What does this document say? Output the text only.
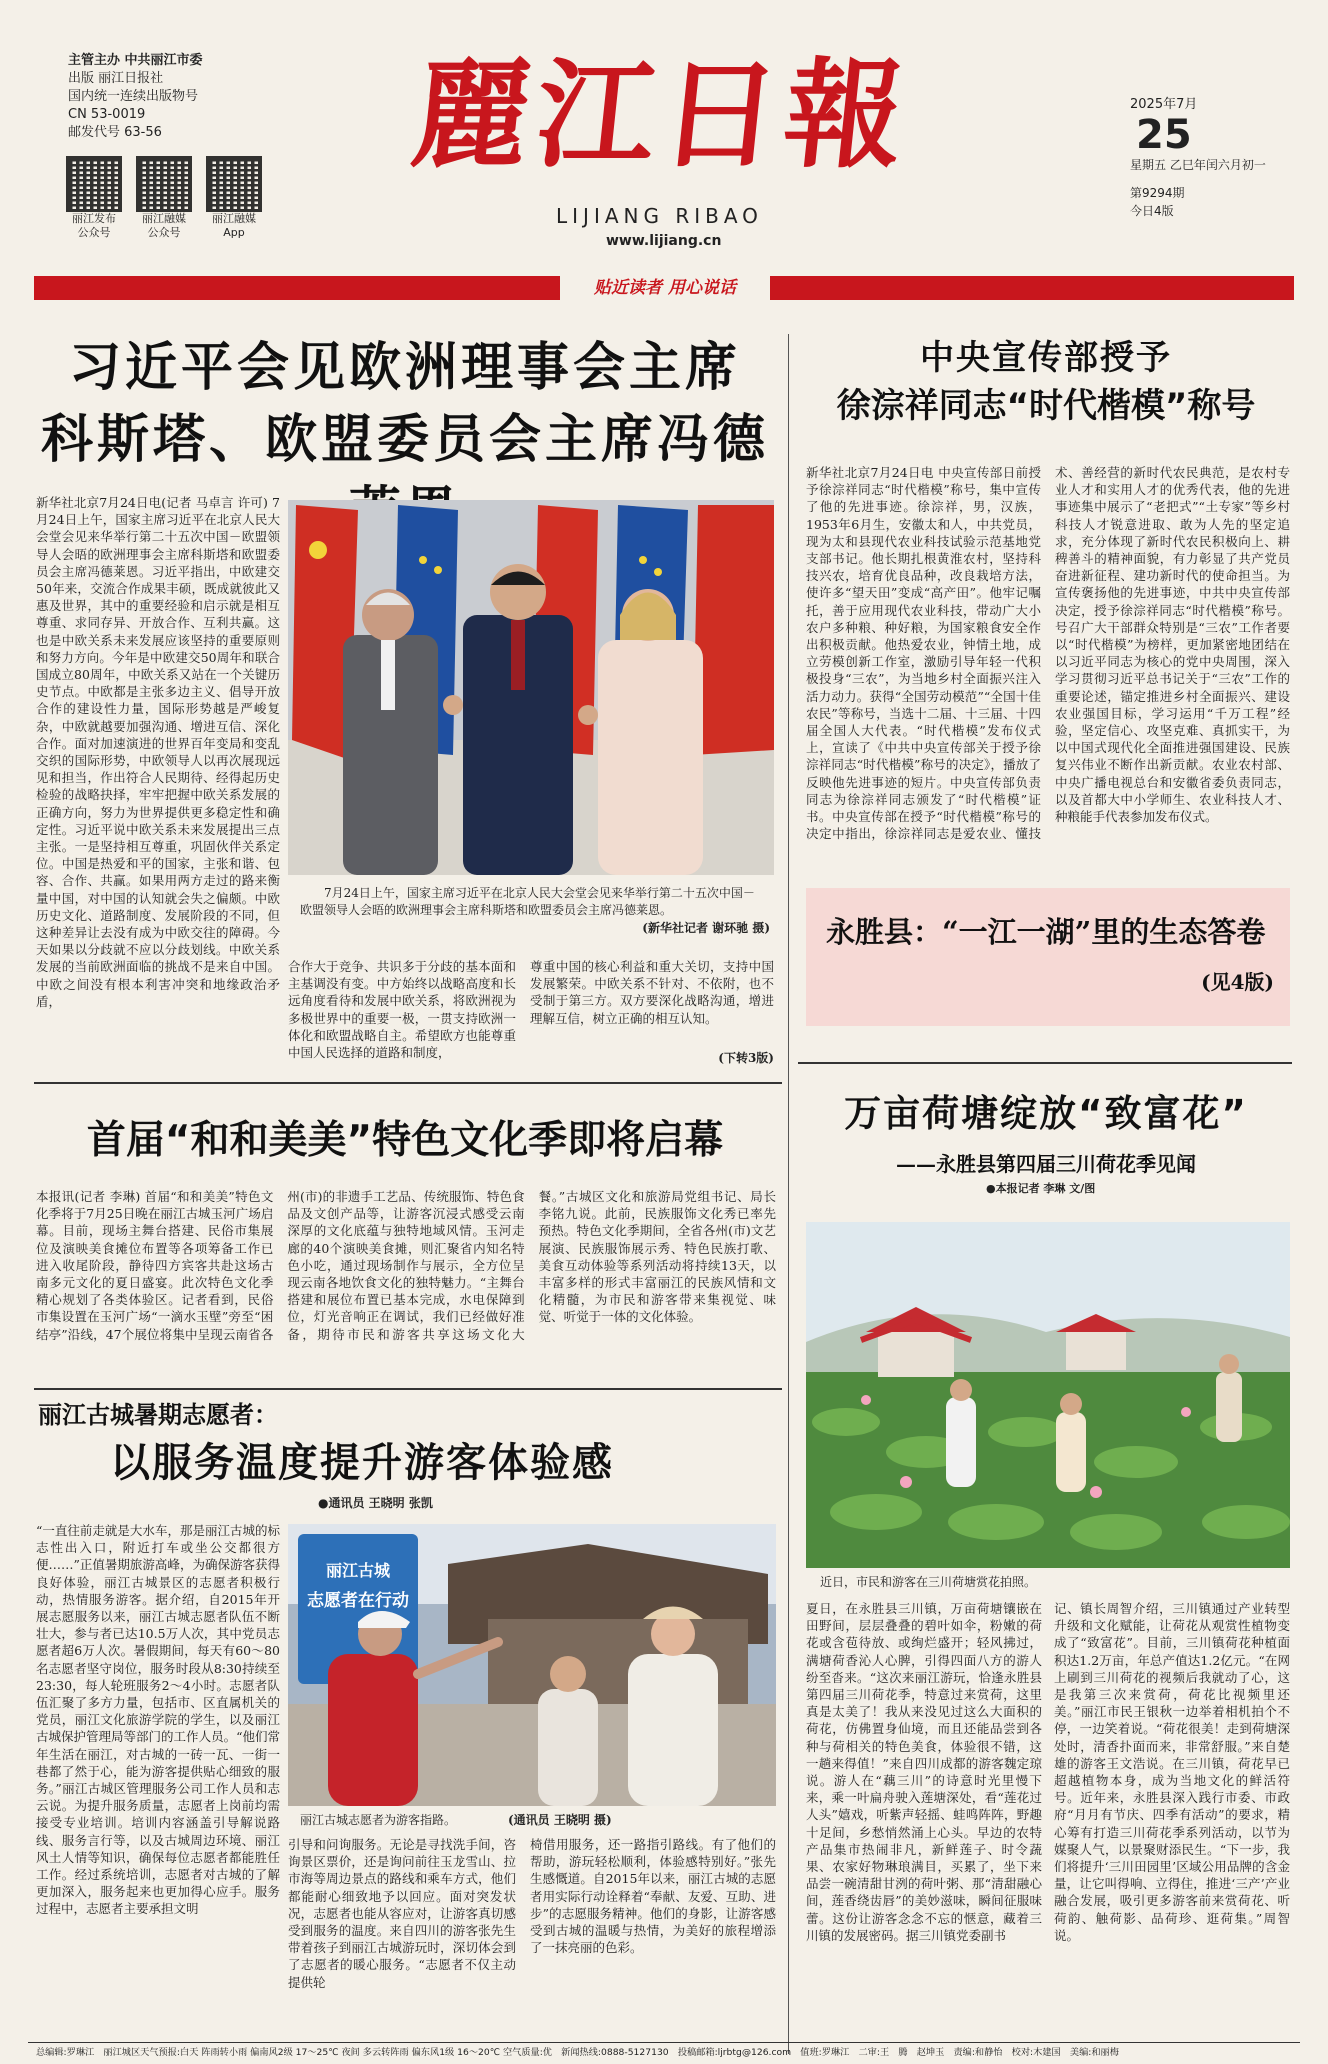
主管主办 中共丽江市委
出版 丽江日报社
国内统一连续出版物号
CN 53-0019
邮发代号 63-56
丽江发布
公众号
丽江融媒
公众号
丽江融媒
App
麗江日報
LIJIANG RIBAO
www.lijiang.cn
2025年7月
25
星期五 乙巳年闰六月初一
第9294期
今日4版
贴近读者 用心说话
习近平会见欧洲理事会主席
科斯塔、欧盟委员会主席冯德
新华社北京7月24日电(记者 马卓言 许可) 7月24日上午，国家主席习近平在北京人民大会堂会见来华举行第二十五次中国－欧盟领导人会晤的欧洲理事会主席科斯塔和欧盟委员会主席冯德莱恩。习近平指出，中欧建交50年来，交流合作成果丰硕，既成就彼此又惠及世界，其中的重要经验和启示就是相互尊重、求同存异、开放合作、互利共赢。这也是中欧关系未来发展应该坚持的重要原则和努力方向。今年是中欧建交50周年和联合国成立80周年，中欧关系又站在一个关键历史节点。中欧都是主张多边主义、倡导开放合作的建设性力量，国际形势越是严峻复杂，中欧就越要加强沟通、增进互信、深化合作。面对加速演进的世界百年变局和变乱交织的国际形势，中欧领导人以再次展现远见和担当，作出符合人民期待、经得起历史检验的战略抉择，牢牢把握中欧关系发展的正确方向，努力为世界提供更多稳定性和确定性。习近平说中欧关系未来发展提出三点主张。一是坚持相互尊重，巩固伙伴关系定位。中国是热爱和平的国家，主张和谐、包容、合作、共赢。如果用两方走过的路来衡量中国，对中国的认知就会失之偏颇。中欧历史文化、道路制度、发展阶段的不同，但这种差异让去没有成为中欧交往的障碍。今天如果以分歧就不应以分歧划线。中欧关系发展的当前欧洲面临的挑战不是来自中国。中欧之间没有根本利害冲突和地缘政治矛盾，
7月24日上午，国家主席习近平在北京人民大会堂会见来华举行第二十五次中国－欧盟领导人会晤的欧洲理事会主席科斯塔和欧盟委员会主席冯德莱恩。
(新华社记者 谢环驰 摄)
合作大于竞争、共识多于分歧的基本面和主基调没有变。中方始终以战略高度和长远角度看待和发展中欧关系，将欧洲视为多极世界中的重要一极，一贯支持欧洲一体化和欧盟战略自主。希望欧方也能尊重中国人民选择的道路和制度，
尊重中国的核心利益和重大关切，支持中国发展繁荣。中欧关系不针对、不依附，也不受制于第三方。双方要深化战略沟通，增进理解互信，树立正确的相互认知。
(下转3版)
中央宣传部授予
徐淙祥同志“时代楷模”称号
新华社北京7月24日电 中央宣传部日前授予徐淙祥同志“时代楷模”称号，集中宣传了他的先进事迹。徐淙祥，男，汉族，1953年6月生，安徽太和人，中共党员，现为太和县现代农业科技试验示范基地党支部书记。他长期扎根黄淮农村，坚持科技兴农，培育优良品种，改良栽培方法，使许多“望天田”变成“高产田”。他牢记嘱托，善于应用现代农业科技，带动广大小农户多种粮、种好粮，为国家粮食安全作出积极贡献。他热爱农业，钟情土地，成立劳模创新工作室，激励引导年轻一代积极投身“三农”，为当地乡村全面振兴注入活力动力。获得“全国劳动模范”“全国十佳农民”等称号，当选十二届、十三届、十四届全国人大代表。“时代楷模”发布仪式上，宣读了《中共中央宣传部关于授予徐淙祥同志“时代楷模”称号的决定》，播放了反映他先进事迹的短片。中央宣传部负责同志为徐淙祥同志颁发了“时代楷模”证书。中央宣传部在授予“时代楷模”称号的决定中指出，徐淙祥同志是爱农业、懂技术、善经营的新时代农民典范，是农村专业人才和实用人才的优秀代表，他的先进事迹集中展示了“老把式”“土专家”等乡村科技人才锐意进取、敢为人先的坚定追求，充分体现了新时代农民积极向上、耕稗善斗的精神面貌，有力彰显了共产党员奋进新征程、建功新时代的使命担当。为宣传褒扬他的先进事迹，中共中央宣传部决定，授予徐淙祥同志“时代楷模”称号。号召广大干部群众特别是“三农”工作者要以“时代楷模”为榜样，更加紧密地团结在以习近平同志为核心的党中央周围，深入学习贯彻习近平总书记关于“三农”工作的重要论述，锚定推进乡村全面振兴、建设农业强国目标，学习运用“千万工程”经验，坚定信心、攻坚克难、真抓实干，为以中国式现代化全面推进强国建设、民族复兴伟业不断作出新贡献。农业农村部、中央广播电视总台和安徽省委负责同志，以及首都大中小学师生、农业科技人才、种粮能手代表参加发布仪式。
永胜县：“一江一湖”里的生态答卷
(见4版)
首届“和和美美”特色文化季即将启幕
本报讯(记者 李琳) 首届“和和美美”特色文化季将于7月25日晚在丽江古城玉河广场启幕。目前，现场主舞台搭建、民俗市集展位及演映美食摊位布置等各项筹备工作已进入收尾阶段，静待四方宾客共赴这场古南多元文化的夏日盛宴。此次特色文化季精心规划了各类体验区。记者看到，民俗市集设置在玉河广场“一滴水玉壁”旁至“困结亭”沿线，47个展位将集中呈现云南省各州(市)的非遗手工艺品、传统服饰、特色食品及文创产品等，让游客沉浸式感受云南深厚的文化底蕴与独特地域风情。玉河走廊的40个演映美食摊，则汇聚省内知名特色小吃，通过现场制作与展示，全方位呈现云南各地饮食文化的独特魅力。“主舞台搭建和展位布置已基本完成，水电保障到位，灯光音响正在调试，我们已经做好准备，期待市民和游客共享这场文化大餐。”古城区文化和旅游局党组书记、局长李铭九说。此前，民族服饰文化秀已率先预热。特色文化季期间，全省各州(市)文艺展演、民族服饰展示秀、特色民族打歌、美食互动体验等系列活动将持续13天，以丰富多样的形式丰富丽江的民族风情和文化精髓，为市民和游客带来集视觉、味觉、听觉于一体的文化体验。
丽江古城暑期志愿者：
以服务温度提升游客体验感
●通讯员 王晓明 张凯
“一直往前走就是大水车，那是丽江古城的标志性出入口，附近打车或坐公交都很方便……”正值暑期旅游高峰，为确保游客获得良好体验，丽江古城景区的志愿者积极行动，热情服务游客。据介绍，自2015年开展志愿服务以来，丽江古城志愿者队伍不断壮大，参与者已达10.5万人次，其中党员志愿者超6万人次。暑假期间，每天有60～80名志愿者坚守岗位，服务时段从8:30持续至23:30，每人轮班服务2～4小时。志愿者队伍汇聚了多方力量，包括市、区直属机关的党员，丽江文化旅游学院的学生，以及丽江古城保护管理局等部门的工作人员。“他们常年生活在丽江，对古城的一砖一瓦、一街一巷都了然于心，能为游客提供贴心细致的服务。”丽江古城区管理服务公司工作人员和志云说。为提升服务质量，志愿者上岗前均需接受专业培训。培训内容涵盖引导解说路线、服务言行等，以及古城周边环境、丽江风土人情等知识，确保每位志愿者都能胜任工作。经过系统培训，志愿者对古城的了解更加深入，服务起来也更加得心应手。服务过程中，志愿者主要承担文明
丽江古城
志愿者在行动
丽江古城志愿者为游客指路。	(通讯员 王晓明 摄)
引导和问询服务。无论是寻找洗手间，咨询景区票价，还是询问前往玉龙雪山、拉市海等周边景点的路线和乘车方式，他们都能耐心细致地予以回应。面对突发状况，志愿者也能从容应对，让游客真切感受到服务的温度。来自四川的游客张先生带着孩子到丽江古城游玩时，深切体会到了志愿者的暖心服务。“志愿者不仅主动提供轮
椅借用服务，还一路指引路线。有了他们的帮助，游玩轻松顺利，体验感特别好。”张先生感慨道。自2015年以来，丽江古城的志愿者用实际行动诠释着“奉献、友爱、互助、进步”的志愿服务精神。他们的身影，让游客感受到古城的温暖与热情，为美好的旅程增添了一抹亮丽的色彩。
万亩荷塘绽放“致富花”
——永胜县第四届三川荷花季见闻
●本报记者 李琳 文/图
近日，市民和游客在三川荷塘赏花拍照。
夏日，在永胜县三川镇，万亩荷塘镶嵌在田野间，层层叠叠的碧叶如伞，粉嫩的荷花或含苞待放、或绚烂盛开；轻风拂过，满塘荷香沁人心脾，引得四面八方的游人纷至沓来。“这次来丽江游玩，恰逢永胜县第四届三川荷花季，特意过来赏荷，这里真是太美了！我从来没见过这么大面积的荷花，仿佛置身仙境，而且还能品尝到各种与荷相关的特色美食，体验很不错，这一趟来得值！”来自四川成都的游客魏定琼说。游人在“藕三川”的诗意时光里慢下来，乘一叶扁舟驶入莲塘深处，看“莲花过人头”嬉戏，听紫声轻摇、蛙鸣阵阵，野趣十足间，乡愁悄然涌上心头。早边的农特产品集市热闹非凡，新鲜莲子、时令蔬果、农家好物琳琅满目，买累了，坐下来品尝一碗清甜甘洌的荷叶粥、那“清甜融心间，莲香绕齿唇”的美妙滋味，瞬间征服味蕾。这份让游客念念不忘的惬意，藏着三川镇的发展密码。据三川镇党委副书
记、镇长周智介绍，三川镇通过产业转型升级和文化赋能，让荷花从观赏性植物变成了“致富花”。目前，三川镇荷花种植面积达1.2万亩，年总产值达1.2亿元。“在网上刷到三川荷花的视频后我就动了心，这是我第三次来赏荷，荷花比视频里还美。”丽江市民王银秋一边举着相机拍个不停，一边笑着说。“荷花很美！走到荷塘深处时，清香扑面而来，非常舒服。”来自楚雄的游客王文浩说。在三川镇，荷花早已超越植物本身，成为当地文化的鲜活符号。近年来，永胜县深入践行市委、市政府“月月有节庆、四季有活动”的要求，精心筹有打造三川荷花季系列活动，以节为媒聚人气，以景聚财添民生。“下一步，我们将提升‘三川田园里’区域公用品牌的含金量，让它叫得响、立得住，推进‘三产’产业融合发展，吸引更多游客前来赏荷花、听荷韵、触荷影、品荷珍、逛荷集。”周智说。
总编辑:罗琳江　丽江城区天气预报:白天 阵雨转小雨 偏南风2级 17～25℃ 夜间 多云转阵雨 偏东风1级 16～20℃ 空气质量:优　新闻热线:0888-5127130　投稿邮箱:ljrbtg@126.com　值班:罗琳江　二审:王　腾　赵坤玉　责编:和静怡　校对:木建国　美编:和丽梅
